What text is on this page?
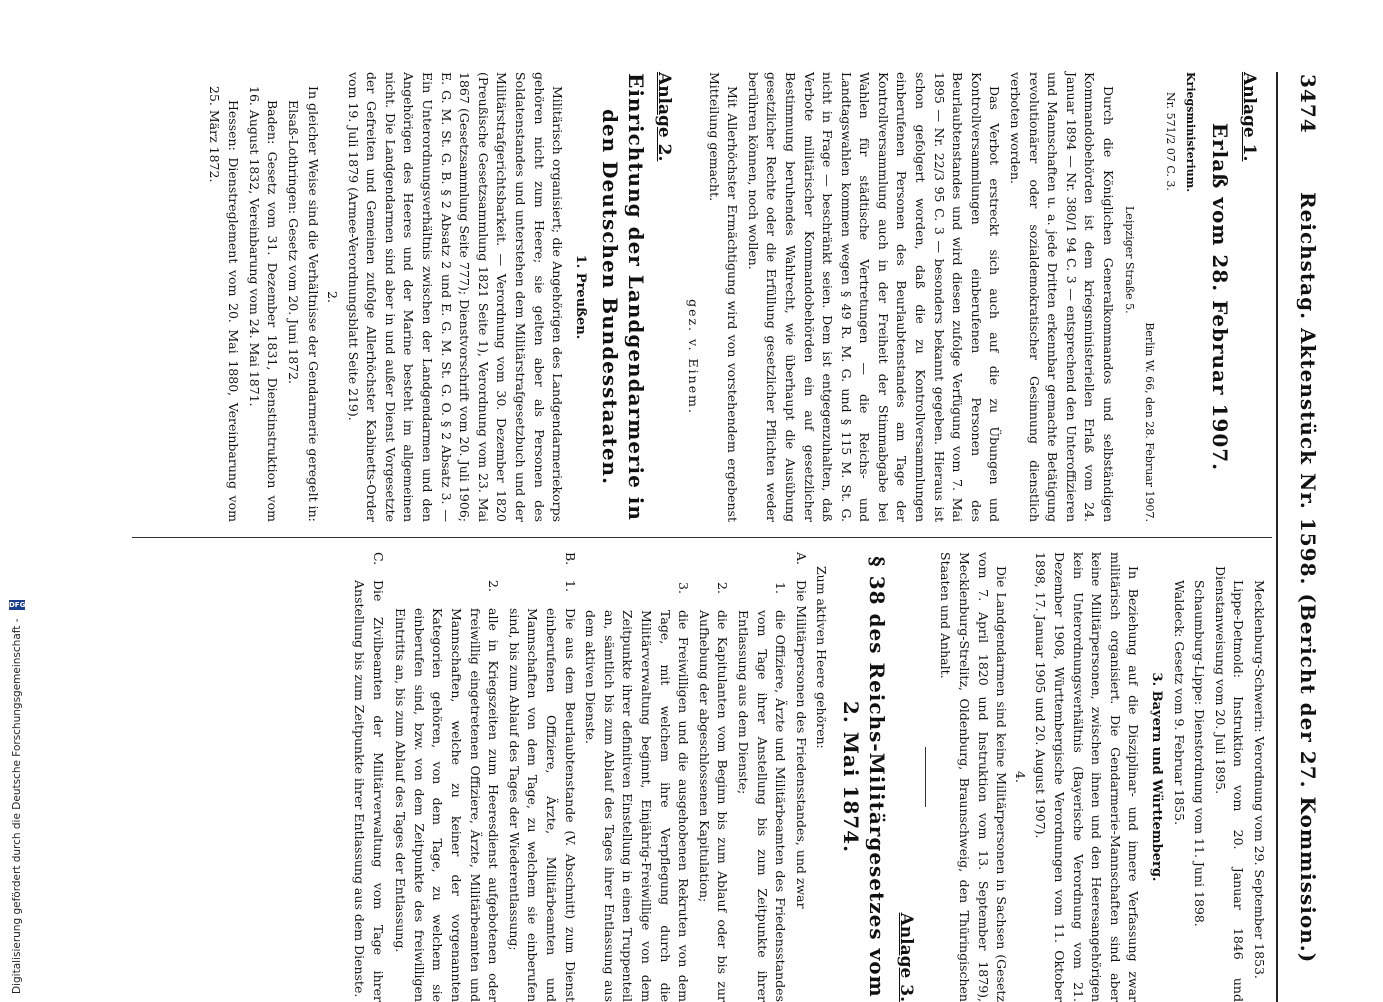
Digitalisierung gefördert durch die Deutsche Forschungsgemeinschaft -
DFG
3474
Reichstag. Aktenstück Nr. 1598. (Bericht der 27. Kommission.)
Anlage 1.
Erlaß vom 28. Februar 1907.
Kriegsministerium.
Nr. 571/2 07 C. 3.
Berlin W. 66, den 28. Februar 1907.
Leipziger Straße 5.

Durch die Königlichen Generalkommandos und selbständigen Kommandobehörden ist dem kriegsministeriellen Erlaß vom 24. Januar 1894 — Nr. 380/1 94 C. 3 — entsprechend den Unteroffizieren und Mannschaften u. a. jede Dritten erkennbar gemachte Betätigung revolutionärer oder sozialdemokratischer Gesinnung dienstlich verboten worden.

Das Verbot erstreckt sich auch auf die zu Übungen und Kontrollversammlungen einberufenen Personen des Beurlaubtenstandes und wird diesen zufolge Verfügung vom 7. Mai 1895 — Nr. 22/3 95 C. 3 — besonders bekannt gegeben. Hieraus ist schon gefolgert worden, daß die zu Kontrollversammlungen einberufenen Personen des Beurlaubtenstandes am Tage der Kontrollversammlung auch in der Freiheit der Stimmabgabe bei Wahlen für städtische Vertretungen — die Reichs- und Landtagswahlen kommen wegen § 49 R. M. G. und § 115 M. St. G. nicht in Frage — beschränkt seien. Dem ist entgegenzuhalten, daß Verbote militärischer Kommandobehörden ein auf gesetzlicher Bestimmung beruhendes Wahlrecht, wie überhaupt die Ausübung gesetzlicher Rechte oder die Erfüllung gesetzlicher Pflichten weder berühren können, noch wollen.

Mit Allerhöchster Ermächtigung wird von vorstehendem ergebenst Mitteilung gemacht.

gez. v. Einem.
Anlage 2.
Einrichtung der Landgendarmerie in den Deutschen Bundesstaaten.
1. Preußen.

Militärisch organisiert; die Angehörigen des Landgendarmeriekorps gehören nicht zum Heere; sie gelten aber als Personen des Soldatenstandes und unterstehen dem Militärstrafgesetzbuch und der Militärstrafgerichtsbarkeit. — Verordnung vom 30. Dezember 1820 (Preußische Gesetzsammlung 1821 Seite 1), Verordnung vom 23. Mai 1867 (Gesetzsammlung Seite 777); Dienstvorschrift vom 20. Juli 1906; E. G. M. St. G. B. § 2 Absatz 2 und E. G. M. St. G. O. § 2 Absatz 3. — Ein Unterordnungsverhältnis zwischen der Landgendarmen und den Angehörigen des Heeres und der Marine besteht im allgemeinen nicht. Die Landgendarmen sind aber in und außer Dienst Vorgesetzte der Gefreiten und Gemeinen zufolge Allerhöchster Kabinetts-Order vom 19. Juli 1879 (Armee-Verordnungsblatt Seite 219).

2.

In gleicher Weise sind die Verhältnisse der Gendarmerie geregelt in:

Elsaß-Lothringen: Gesetz vom 20. Juni 1872.
Baden: Gesetz vom 31. Dezember 1831, Dienstinstruktion vom 16. August 1832, Vereinbarung vom 24. Mai 1871.
Hessen: Dienstreglement vom 20. Mai 1880, Vereinbarung vom 25. März 1872.
Mecklenburg-Schwerin: Verordnung vom 29. September 1853.
Lippe-Detmold: Instruktion vom 20. Januar 1846 und Dienstanweisung vom 20. Juli 1895.
Schaumburg-Lippe: Dienstordnung vom 11. Juni 1898.
Waldeck: Gesetz vom 9. Februar 1855.
3. Bayern und Württemberg.

In Beziehung auf die Disziplinar- und innere Verfassung zwar militärisch organisiert. Die Gendarmerie-Mannschaften sind aber keine Militärpersonen, zwischen ihnen und den Heeresangehörigen kein Unterordnungsverhältnis (Bayerische Verordnung vom 21. Dezember 1908, Württembergische Verordnungen vom 11. Oktober 1898, 17. Januar 1905 und 20. August 1907).

4.

Die Landgendarmen sind keine Militärpersonen in Sachsen (Gesetz vom 7. April 1820 und Instruktion vom 13. September 1879), Mecklenburg-Strelitz, Oldenburg, Braunschweig, den Thüringischen Staaten und Anhalt.

Anlage 3.
§ 38 des Reichs-Militärgesetzes vom 2. Mai 1874.

Zum aktiven Heere gehören:

A.
Die Militärpersonen des Friedensstandes, und zwar
1.
die Offiziere, Ärzte und Militärbeamten des Friedensstandes vom Tage ihrer Anstellung bis zum Zeitpunkte ihrer Entlassung aus dem Dienste;
2.
die Kapitulanten vom Beginn bis zum Ablauf oder bis zur Aufhebung der abgeschlossenen Kapitulation;
3.
die Freiwilligen und die ausgehobenen Rekruten von dem Tage, mit welchem ihre Verpflegung durch die Militärverwaltung beginnt, Einjährig-Freiwillige von dem Zeitpunkte ihrer definitiven Einstellung in einen Truppenteil an, sämtlich bis zum Ablauf des Tages ihrer Entlassung aus dem aktiven Dienste.
B.
1.
Die aus dem Beurlaubtenstande (V. Abschnitt) zum Dienst einberufenen Offiziere, Ärzte, Militärbeamten und Mannschaften von dem Tage, zu welchem sie einberufen sind, bis zum Ablauf des Tages der Wiederentlassung;
2.
alle in Kriegszeiten zum Heeresdienst aufgebotenen oder freiwillig eingetretenen Offiziere, Ärzte, Militärbeamten und Mannschaften, welche zu keiner der vorgenannten Kategorien gehören, von dem Tage, zu welchem sie einberufen sind, bzw. von dem Zeitpunkte des freiwilligen Eintritts an, bis zum Ablauf des Tages der Entlassung.
C.
Die Zivilbeamten der Militärverwaltung vom Tage ihrer Anstellung bis zum Zeitpunkte ihrer Entlassung aus dem Dienste.
